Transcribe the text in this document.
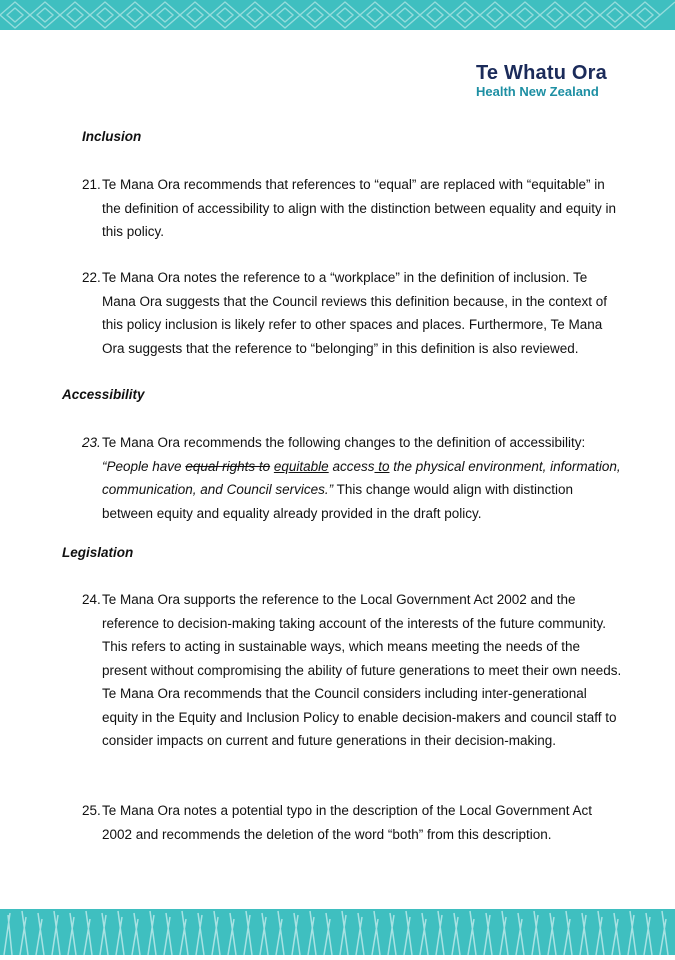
Te Whatu Ora
Health New Zealand
Inclusion
21. Te Mana Ora recommends that references to “equal” are replaced with “equitable” in the definition of accessibility to align with the distinction between equality and equity in this policy.
22. Te Mana Ora notes the reference to a “workplace” in the definition of inclusion. Te Mana Ora suggests that the Council reviews this definition because, in the context of this policy inclusion is likely refer to other spaces and places. Furthermore, Te Mana Ora suggests that the reference to “belonging” in this definition is also reviewed.
Accessibility
23. Te Mana Ora recommends the following changes to the definition of accessibility: “People have equal rights to equitable access to the physical environment, information, communication, and Council services.” This change would align with distinction between equity and equality already provided in the draft policy.
Legislation
24. Te Mana Ora supports the reference to the Local Government Act 2002 and the reference to decision-making taking account of the interests of the future community. This refers to acting in sustainable ways, which means meeting the needs of the present without compromising the ability of future generations to meet their own needs. Te Mana Ora recommends that the Council considers including inter-generational equity in the Equity and Inclusion Policy to enable decision-makers and council staff to consider impacts on current and future generations in their decision-making.
25. Te Mana Ora notes a potential typo in the description of the Local Government Act 2002 and recommends the deletion of the word “both” from this description.
